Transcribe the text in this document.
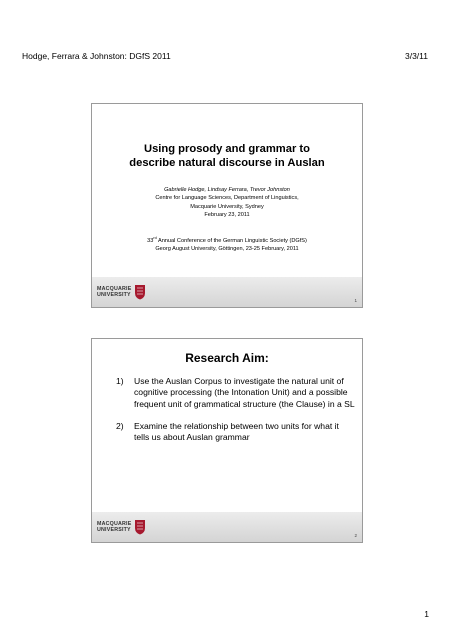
Hodge, Ferrara & Johnston: DGfS 2011	3/3/11
Using prosody and grammar to
describe natural discourse in Auslan
Gabrielle Hodge, Lindsay Ferrara, Trevor Johnston
Centre for Language Sciences, Department of Linguistics,
Macquarie University, Sydney
February 23, 2011
33rd Annual Conference of the German Linguistic Society (DGfS)
Georg August University, Göttingen, 23-25 February, 2011
MACQUARIE
UNIVERSITY
1
Research Aim:
1)	Use the Auslan Corpus to investigate the natural unit of cognitive processing (the Intonation Unit) and a possible frequent unit of grammatical structure (the Clause) in a SL
2)	Examine the relationship between two units for what it tells us about Auslan grammar
MACQUARIE
UNIVERSITY
2
1
